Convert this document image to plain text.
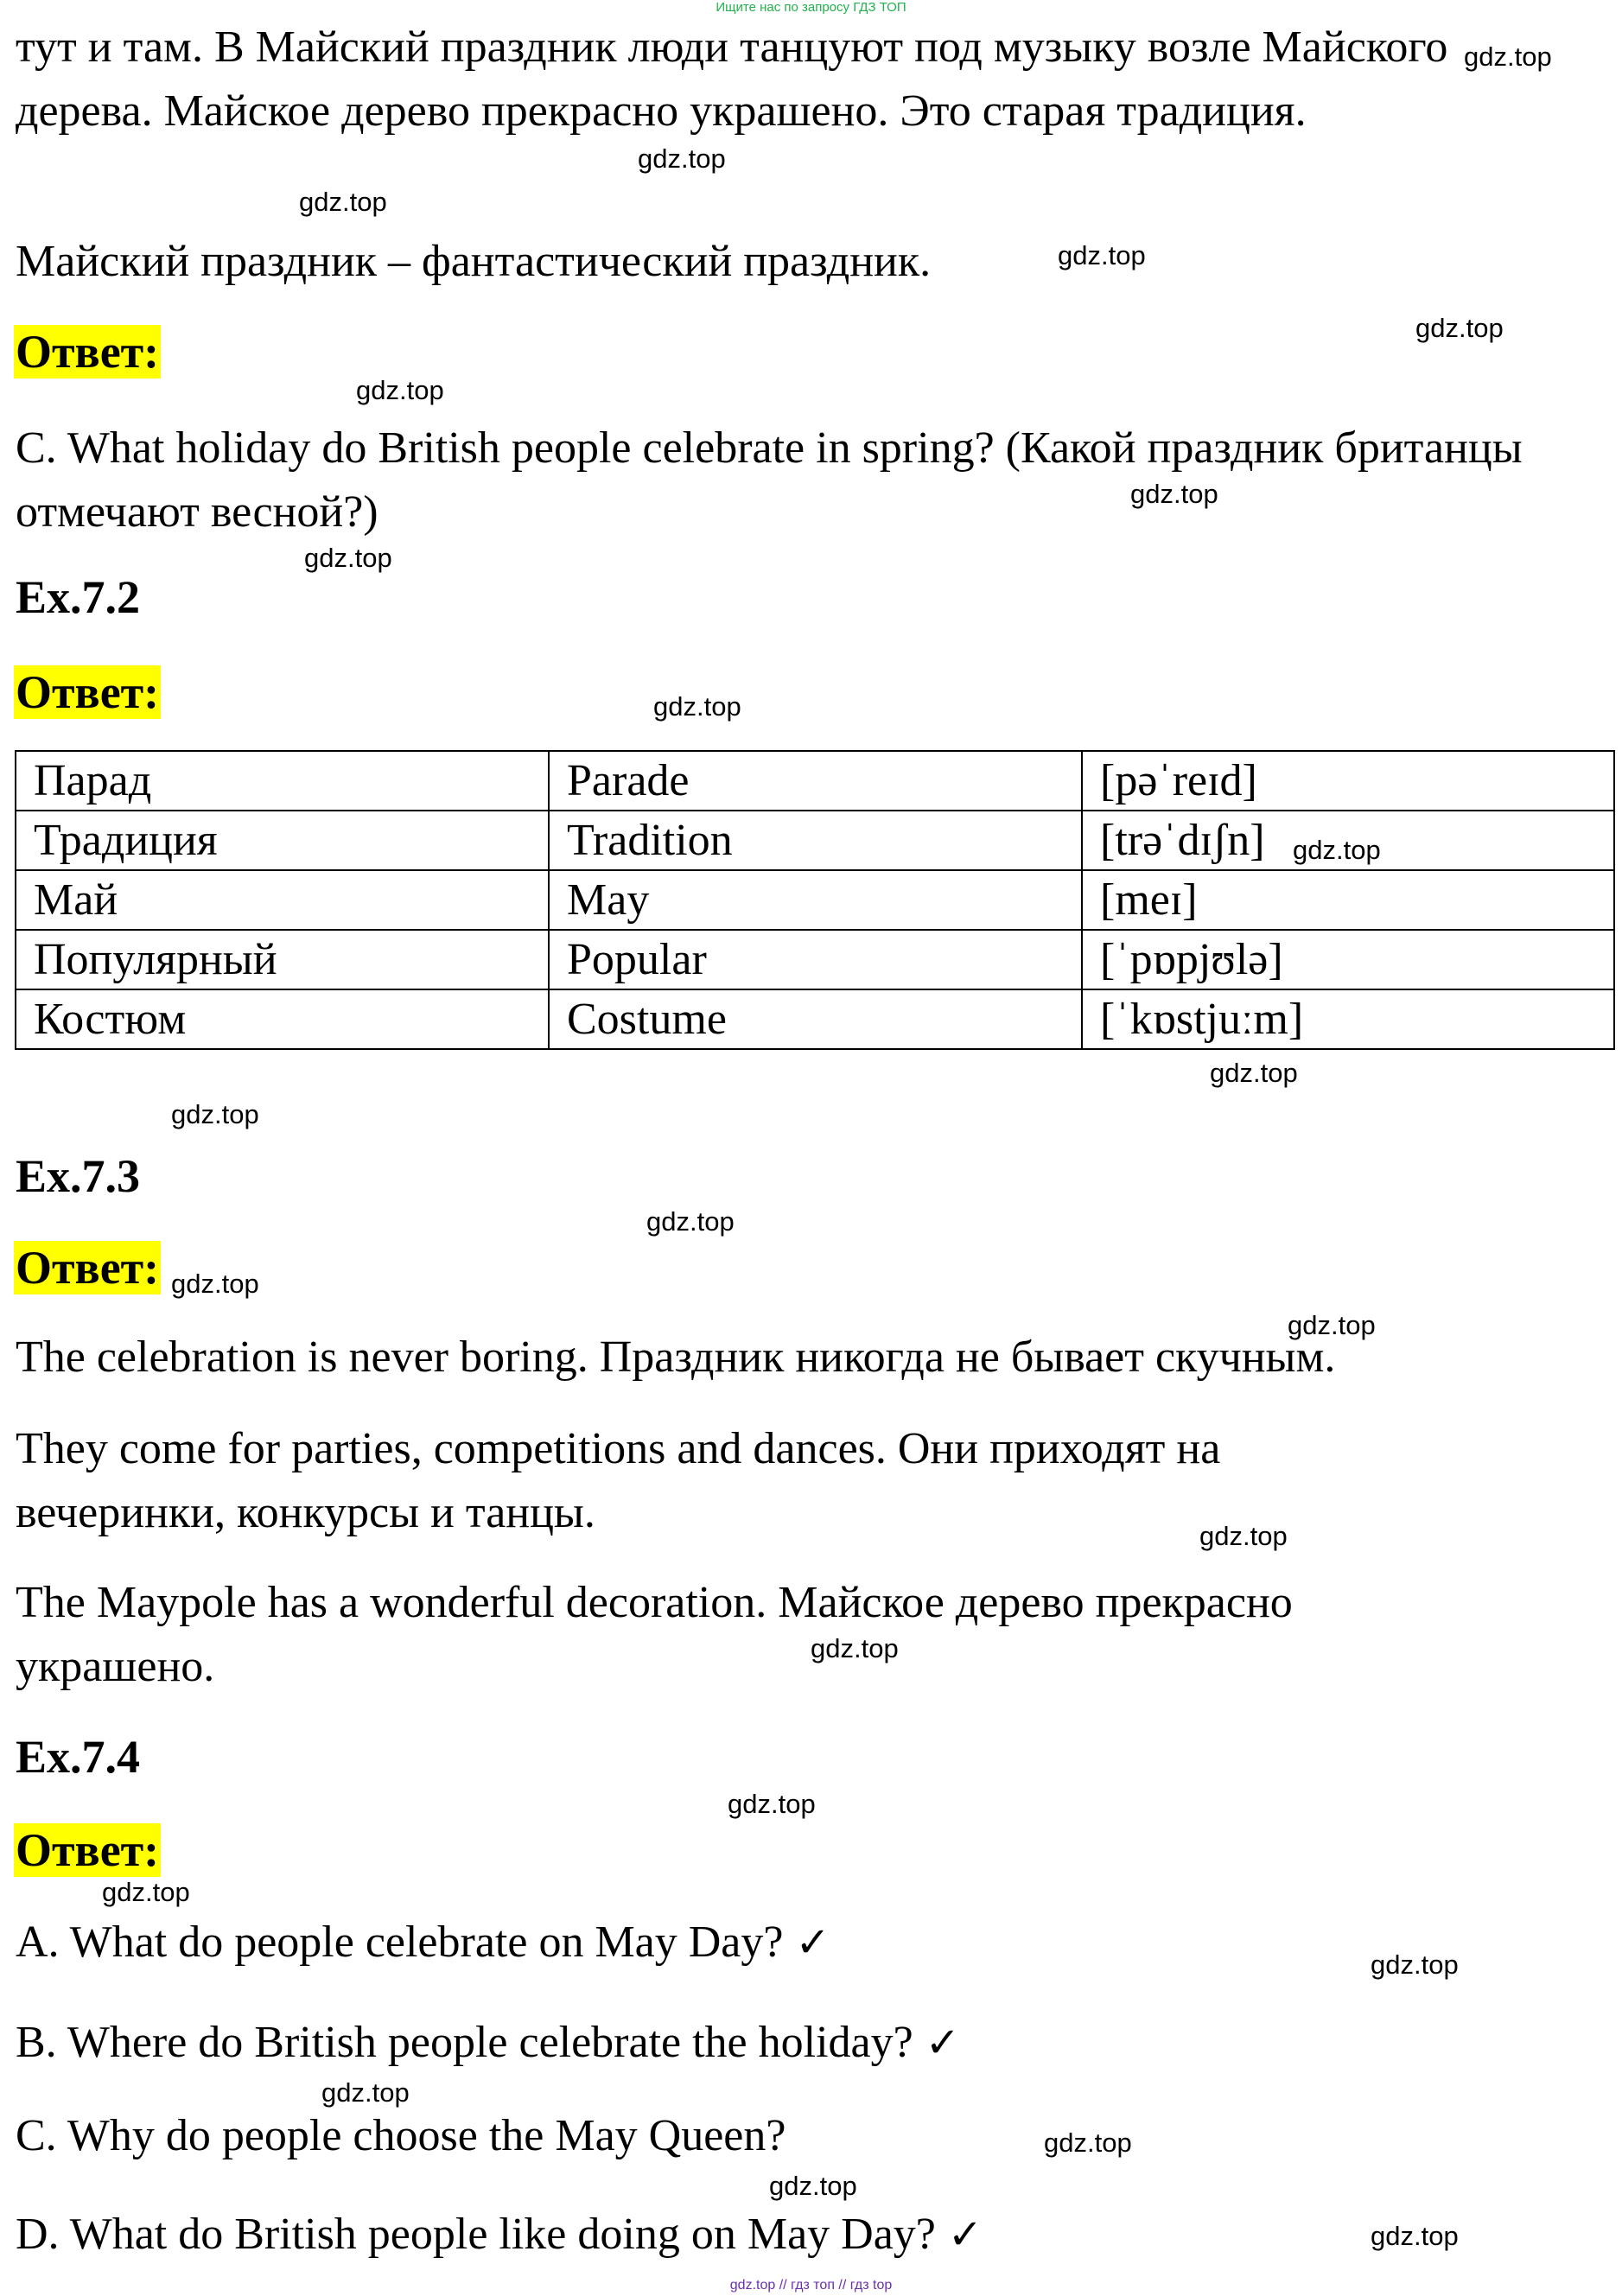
Ищите нас по запросу ГДЗ ТОП
тут и там. В Майский праздник люди танцуют под музыку возле Майского дерева. Майское дерево прекрасно украшено. Это старая традиция.
Майский праздник – фантастический праздник.
Ответ:
C. What holiday do British people celebrate in spring? (Какой праздник британцы отмечают весной?)
Ex.7.2
Ответ:
Парад	Parade	[pəˈreɪd]
Традиция	Tradition	[trəˈdɪʃn]
Май	May	[meɪ]
Популярный	Popular	[ˈpɒpjʊlə]
Костюм	Costume	[ˈkɒstjuːm]
Ex.7.3
Ответ:
The celebration is never boring. Праздник никогда не бывает скучным.
They come for parties, competitions and dances. Они приходят на вечеринки, конкурсы и танцы.
The Maypole has a wonderful decoration. Майское дерево прекрасно украшено.
Ex.7.4
Ответ:
A. What do people celebrate on May Day? ✓
B. Where do British people celebrate the holiday? ✓
C. Why do people choose the May Queen?
D. What do British people like doing on May Day? ✓
gdz.top
gdz.top
gdz.top
gdz.top
gdz.top
gdz.top
gdz.top
gdz.top
gdz.top
gdz.top
gdz.top
gdz.top
gdz.top
gdz.top
gdz.top
gdz.top
gdz.top
gdz.top
gdz.top
gdz.top
gdz.top
gdz.top
gdz.top
gdz.top
gdz.top // гдз топ // гдз top
